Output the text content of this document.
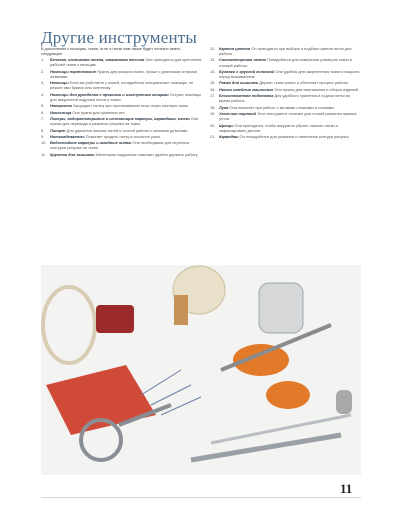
Другие инструменты

В дополнение к пяльцам, ткани, игле и нитке вам также будет полезно иметь следующее.

1. Бечевка, хлопчатая лента, шпагатная тесьма Они пригодятся для крепления рабочей ткани к пяльцам.
2. Ножницы портновские Нужны для раскроя ткани, лучше с длинными острыми лезвиями.
3. Ножницы Если вы работаете с кожей, понадобятся специальные ножницы, не режьте ими бумагу или синтетику.
4. Ножницы для рукоделия с прямыми и изогнутыми концами Острые ножницы для аккуратной подрезки ниток и ткани.
5. Наперсток Защищает палец при проталкивании иглы через плотную ткань.
6. Игольница Она нужна для хранения игл.
7. Линеры, водорастворимые и исчезающие маркеры, карандаши, мелки Они нужны для перевода и разметки рисунка на ткань.
8. Пинцет Для удаления лишних нитей и точной работы с мелкими деталями.
9. Нитковдеватель Помогает продеть нитку в игольное ушко.
10. Водостойкие маркеры и швейные нитки Они необходимы для переноса контуров рисунка на ткань.
11. Кругляш для вышивки Маленькая подушечка помогает удобно держать работу.
12. Картон цветов Он пригодится при выборе и подборе цветов ниток для работы.
13. Сантиметровая лента Понадобится для измерения размеров ткани и готовой работы.
14. Булавки с круглой головкой Они удобны для закрепления ткани и выкроек перед вышиванием.
15. Рамка для вышивки Держит ткань ровно и облегчает процесс работы.
16. Нитки швейные машинные Они нужны для сметывания и сборки изделий.
17. Бесконтактная подставка Для удобного хранения и подачи ниток во время работы.
18. Лупа Она помогает при работе с мелкими стежками и схемами.
19. Угольник портной Этот инструмент полезен для точной разметки прямых углов.
20. Щипцы Они пригодятся, чтобы аккуратно убрать лишние нитки и зафиксировать детали.
21. Карандаш Он понадобится для разметки и нанесения контура рисунка.
11
